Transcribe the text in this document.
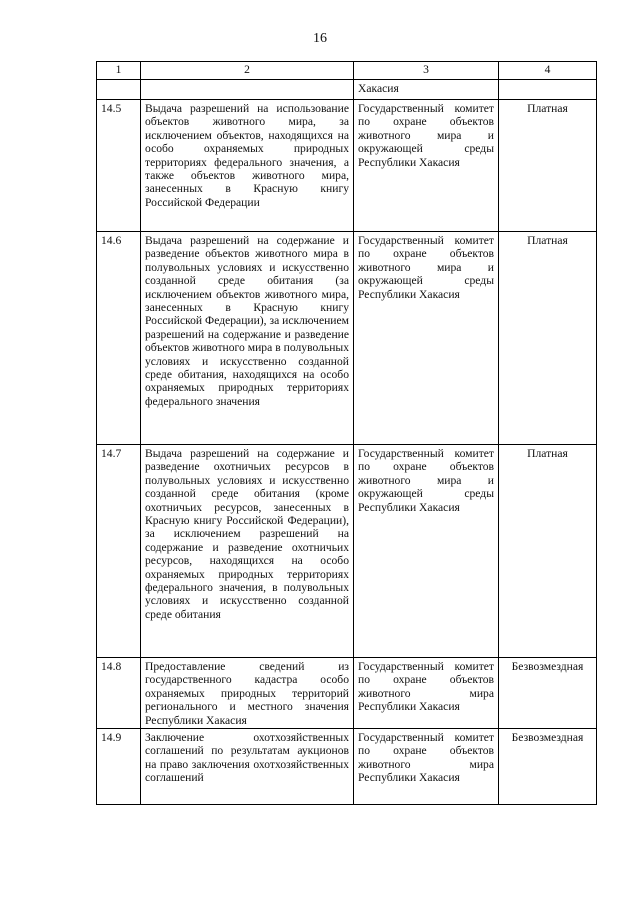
16
1	2	3	4
		Хакасия	
14.5	Выдача разрешений на использование объектов животного мира, за исключением объектов, находящихся на особо охраняемых природных территориях федерального значения, а также объектов животного мира, занесенных в Красную книгу Российской Федерации	Государственный комитет по охране объектов животного мира и окружающей среды Республики Хакасия	Платная
14.6	Выдача разрешений на содержание и разведение объектов животного мира в полувольных условиях и искусственно созданной среде обитания (за исключением объектов животного мира, занесенных в Красную книгу Российской Федерации), за исключением разрешений на содержание и разведение объектов животного мира в полувольных условиях и искусственно созданной среде обитания, находящихся на особо охраняемых природных территориях федерального значения	Государственный комитет по охране объектов животного мира и окружающей среды Республики Хакасия	Платная
14.7	Выдача разрешений на содержание и разведение охотничьих ресурсов в полувольных условиях и искусственно созданной среде обитания (кроме охотничьих ресурсов, занесенных в Красную книгу Российской Федерации), за исключением разрешений на содержание и разведение охотничьих ресурсов, находящихся на особо охраняемых природных территориях федерального значения, в полувольных условиях и искусственно созданной среде обитания	Государственный комитет по охране объектов животного мира и окружающей среды Республики Хакасия	Платная
14.8	Предоставление сведений из государственного кадастра особо охраняемых природных территорий регионального и местного значения Республики Хакасия	Государственный комитет по охране объектов животного мира Республики Хакасия	Безвозмездная
14.9	Заключение охотхозяйственных соглашений по результатам аукционов на право заключения охотхозяйственных соглашений	Государственный комитет по охране объектов животного мира Республики Хакасия	Безвозмездная
